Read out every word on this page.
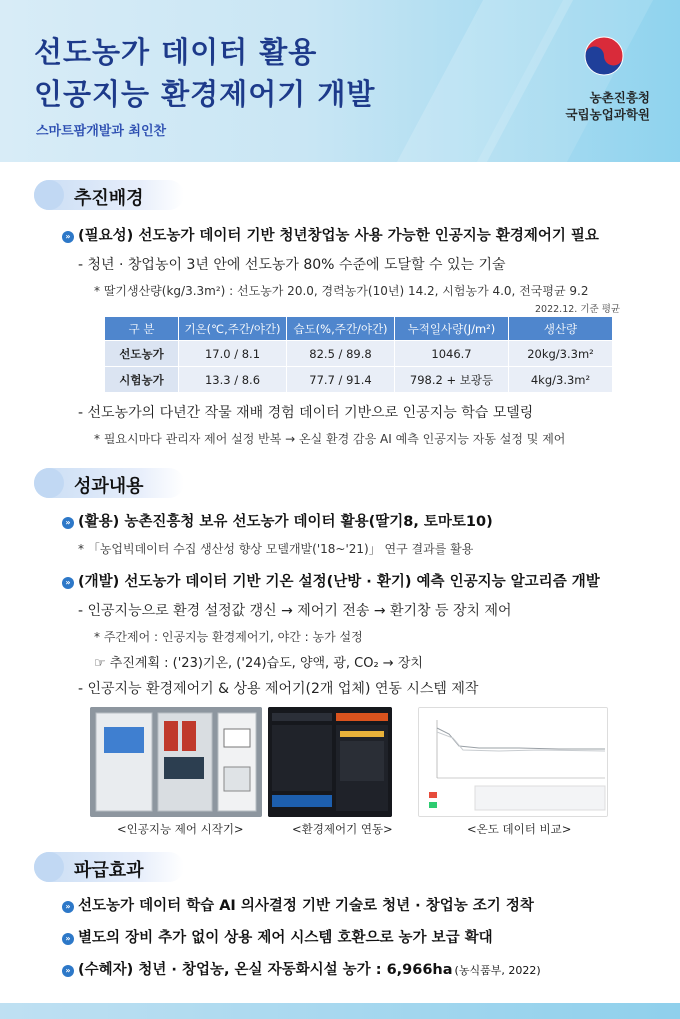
선도농가 데이터 활용
인공지능 환경제어기 개발
스마트팜개발과 최인찬
농촌진흥청
국립농업과학원
추진배경
» (필요성) 선도농가 데이터 기반 청년창업농 사용 가능한 인공지능 환경제어기 필요
- 청년 · 창업농이 3년 안에 선도농가 80% 수준에 도달할 수 있는 기술
* 딸기생산량(kg/3.3m²) : 선도농가 20.0, 경력농가(10년) 14.2, 시험농가 4.0, 전국평균 9.2
2022.12. 기준 평균
구 분	기온(℃,주간/야간)	습도(%,주간/야간)	누적일사량(J/m²)	생산량
선도농가	17.0 / 8.1	82.5 / 89.8	1046.7	20kg/3.3m²
시험농가	13.3 / 8.6	77.7 / 91.4	798.2 + 보광등	4kg/3.3m²
- 선도농가의 다년간 작물 재배 경험 데이터 기반으로 인공지능 학습 모델링
* 필요시마다 관리자 제어 설정 반복 → 온실 환경 감응 AI 예측 인공지능 자동 설정 및 제어
성과내용
» (활용) 농촌진흥청 보유 선도농가 데이터 활용(딸기8, 토마토10)
* 「농업빅데이터 수집 생산성 향상 모델개발('18~'21)」 연구 결과를 활용
» (개발) 선도농가 데이터 기반 기온 설정(난방 · 환기) 예측 인공지능 알고리즘 개발
- 인공지능으로 환경 설정값 갱신 → 제어기 전송 → 환기창 등 장치 제어
* 주간제어 : 인공지능 환경제어기, 야간 : 농가 설정
☞ 추진계획 : ('23)기온, ('24)습도, 양액, 광, CO₂ → 장치
- 인공지능 환경제어기 & 상용 제어기(2개 업체) 연동 시스템 제작
<인공지능 제어 시작기>	<환경제어기 연동>	<온도 데이터 비교>
파급효과
» 선도농가 데이터 학습 AI 의사결정 기반 기술로 청년 · 창업농 조기 정착
» 별도의 장비 추가 없이 상용 제어 시스템 호환으로 농가 보급 확대
» (수혜자) 청년 · 창업농, 온실 자동화시설 농가 : 6,966ha (농식품부, 2022)
